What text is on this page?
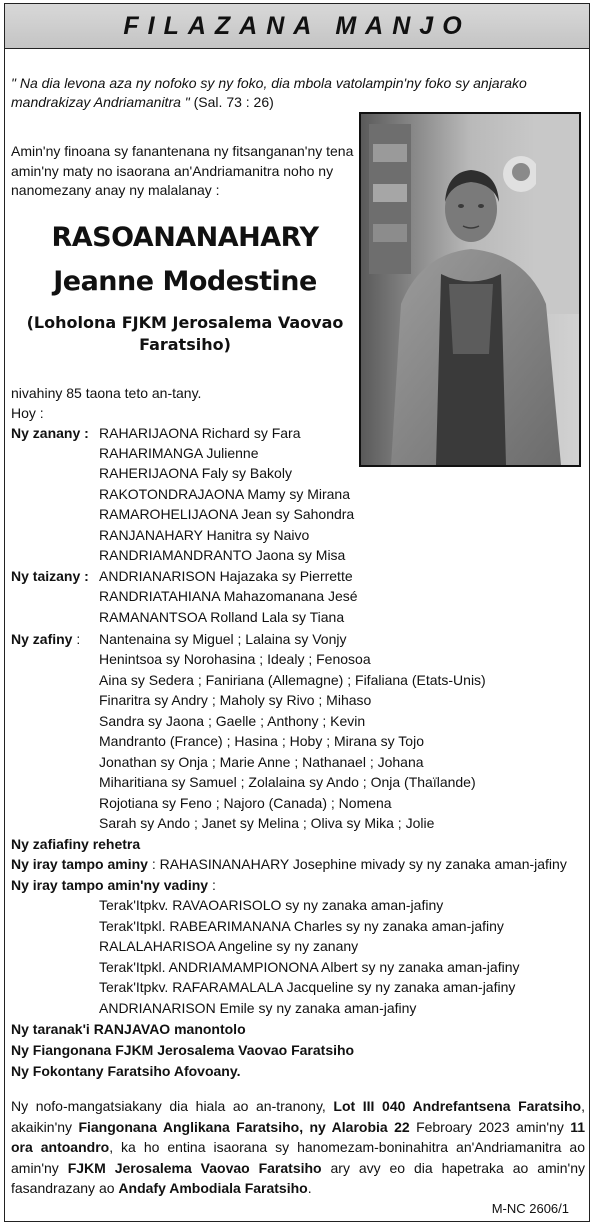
FILAZANA MANJO
" Na dia levona aza ny nofoko sy ny foko, dia mbola vatolampin'ny foko sy anjarako mandrakizay Andriamanitra " (Sal. 73 : 26)
Amin'ny finoana sy fanantenana ny fitsanganan'ny tena amin'ny maty no isaorana an'Andriamanitra noho ny nanomezany anay ny malalanay :
RASOANANAHARY
Jeanne Modestine
(Loholona FJKM Jerosalema Vaovao Faratsiho)
nivahiny 85 taona teto an-tany.
Hoy :
Ny zanany : RAHARIJAONA Richard sy Fara
RAHARIMANGA Julienne
RAHERIJAONA Faly sy Bakoly
RAKOTONDRAJAONA Mamy sy Mirana
RAMAROHELIJAONA Jean sy Sahondra
RANJANAHARY Hanitra sy Naivo
RANDRIAMANDRANTO Jaona sy Misa
Ny taizany : ANDRIANARISON Hajazaka sy Pierrette
RANDRIATAHIANA Mahazomanana Jesé
RAMANANTSOA Rolland Lala sy Tiana
Ny zafiny : Nantenaina sy Miguel ; Lalaina sy Vonjy
Henintsoa sy Norohasina ; Idealy ; Fenosoa
Aina sy Sedera ; Faniriana (Allemagne) ; Fifaliana (Etats-Unis)
Finaritra sy Andry ; Maholy sy Rivo ; Mihaso
Sandra sy Jaona ; Gaelle ; Anthony ; Kevin
Mandranto (France) ; Hasina ; Hoby ; Mirana sy Tojo
Jonathan sy Onja ; Marie Anne ; Nathanael ; Johana
Miharitiana sy Samuel ; Zolalaina sy Ando ; Onja (Thaïlande)
Rojotiana sy Feno ; Najoro (Canada) ; Nomena
Sarah sy Ando ; Janet sy Melina ; Oliva sy Mika ; Jolie
Ny zafiafiny rehetra
Ny iray tampo aminy : RAHASINANAHARY Josephine mivady sy ny zanaka aman-jafiny
Ny iray tampo amin'ny vadiny :
Terak'Itpkv. RAVAOARISOLO sy ny zanaka aman-jafiny
Terak'Itpkl. RABEARIMANANA Charles sy ny zanaka aman-jafiny
RALALAHARISOA Angeline sy ny zanany
Terak'Itpkl. ANDRIAMAMPIONONA Albert sy ny zanaka aman-jafiny
Terak'Itpkv. RAFARAMALALA Jacqueline sy ny zanaka aman-jafiny
ANDRIANARISON Emile sy ny zanaka aman-jafiny
Ny taranak'i RANJAVAO manontolo
Ny Fiangonana FJKM Jerosalema Vaovao Faratsiho
Ny Fokontany Faratsiho Afovoany.
Ny nofo-mangatsiakany dia hiala ao an-tranony, Lot III 040 Andrefantsena Faratsiho, akaikin'ny Fiangonana Anglikana Faratsiho, ny Alarobia 22 Febroary 2023 amin'ny 11 ora antoandro, ka ho entina isaorana sy hanomezam-boninahitra an'Andriamanitra ao amin'ny FJKM Jerosalema Vaovao Faratsiho ary avy eo dia hapetraka ao amin'ny fasandrazany ao Andafy Ambodiala Faratsiho.
M-NC 2606/1
